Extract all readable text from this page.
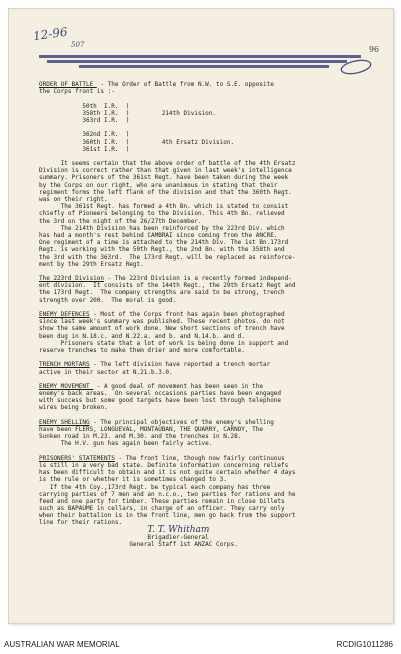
12-96
507	96
ORDER OF BATTLE  - The Order of Battle from N.W. to S.E. opposite
the Corps front is :-
50th  I.R.  )
358th I.R.  )         214th Division.
363rd I.R.  )
362nd I.R.  )
360th I.R.  )         4th Ersatz Division.
361st I.R.  )
It seems certain that the above order of battle of the 4th Ersatz
Division is correct rather than that given in last week's intelligence
summary. Prisoners of the 361st Regt. have been taken during the week
by the Corps on our right, who are unanimous in stating that their
regiment forms the left flank of the division and that the 360th Regt.
was on their right.
The 361st Regt. has formed a 4th Bn. which is stated to consist
chiefly of Pioneers belonging to the Division. This 4th Bn. relieved
the 3rd on the night of the 26/27th December.
The 214th Division has been reinforced by the 223rd Div. which
has had a month's rest behind CAMBRAI since coming from the ANCRE.
One regiment of a time is attached to the 214th Div. The 1st Bn.173rd
Regt. is working with the 50th Regt., the 2nd Bn. with the 358th and
the 3rd with the 363rd.  The 173rd Regt. will be replaced as reinforce-
ment by the 29th Ersatz Regt.
The 223rd Division - The 223rd Division is a recently formed independ-
ent division.  It consists of the 144th Regt., the 29th Ersatz Regt and
the 173rd Regt.  The company strengths are said to be strong, trench
strength over 200.  The moral is good.
ENEMY DEFENCES - Most of the Corps front has again been photographed
since last week's summary was published. These recent photos. do not
show the same amount of work done. New short sections of trench have
been dug in N.18.c. and N.22.a. and b. and N.14.b. and d.
Prisoners state that a lot of work is being done in support and
reserve trenches to make them drier and more comfortable.
TRENCH MORTARS - The left division have reported a trench mortar
active in their sector at N.21.b.3.0.
ENEMY MOVEMENT  - A good deal of movement has been seen in the
enemy's back areas.  On several occasions parties have been engaged
with success but some good targets have been lost through telephone
wires being broken.
ENEMY SHELLING - The principal objectives of the enemy's shelling
have been FLERS, LONGUEVAL, MONTAUBAN, THE QUARRY, CARNOY, The
Sunken road in M.23. and M.30. and the trenches in N.28.
The H.V. gun has again been fairly active.
PRISONERS' STATEMENTS - The front line, though now fairly continuous
is still in a very bad state. Definite information concerning reliefs
has been difficult to obtain and it is not quite certain whether 4 days
is the rule or whether it is sometimes changed to 3.
If the 4th Coy.,173rd Regt. be typical each company has three
carrying parties of 7 men and an n.c.o., two parties for rations and he
feed and one party for timber. These parties remain in close billets
such as BAPAUME in cellars, in charge of an officer. They carry only
when their battalion is in the front line, men go back from the support
line for their rations.
T. T. Whitham
Brigadier-General
General Staff 1st ANZAC Corps.
AUSTRALIAN WAR MEMORIAL	RCDIG1011286
